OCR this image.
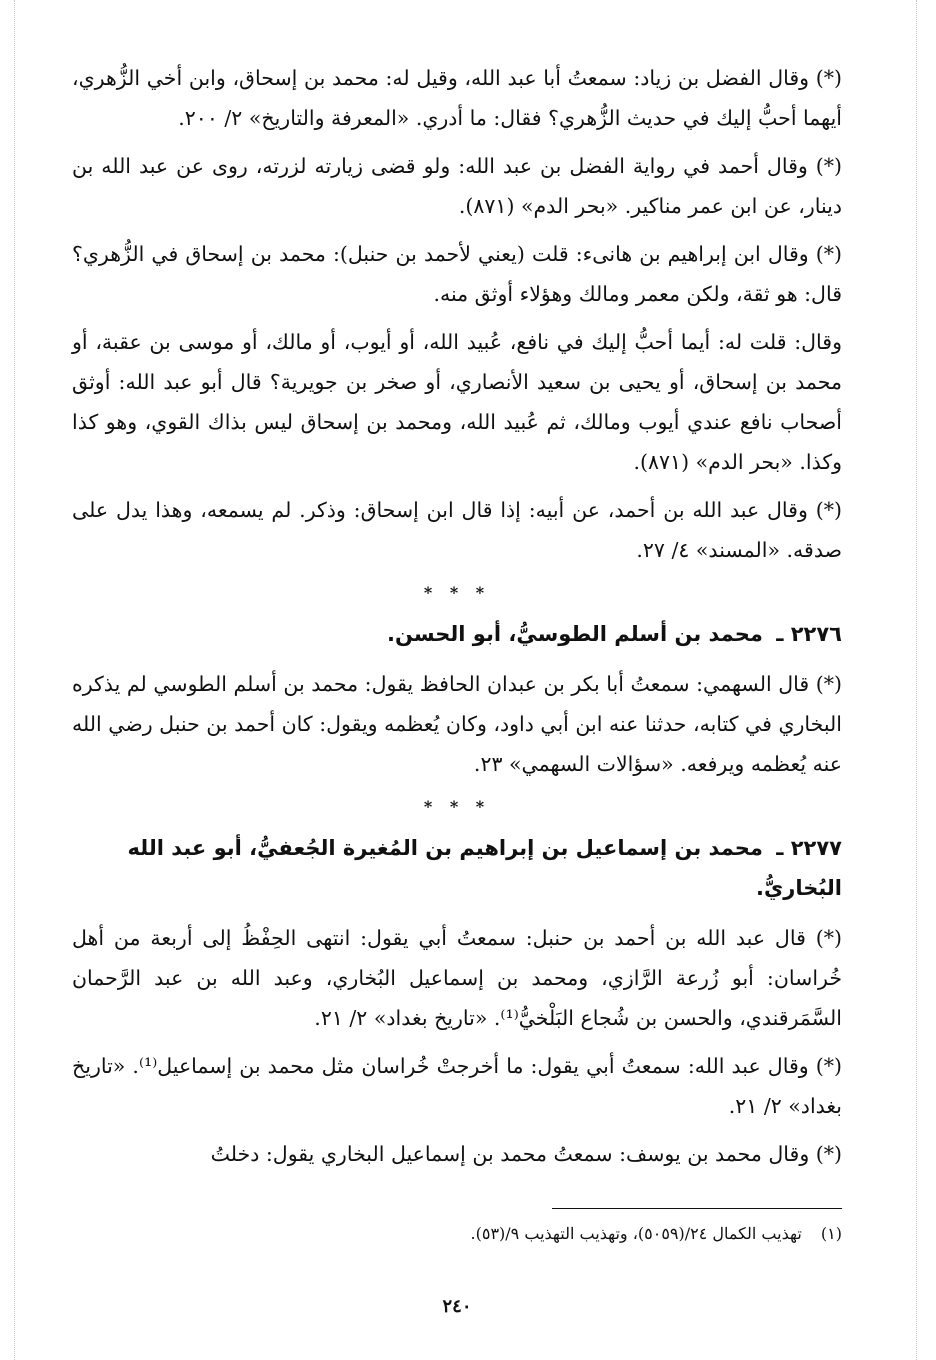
(*) وقال الفضل بن زياد: سمعتُ أبا عبد الله، وقيل له: محمد بن إسحاق، وابن أخي الزُّهري، أيهما أحبُّ إليك في حديث الزُّهري؟ فقال: ما أدري. «المعرفة والتاريخ» ٢/ ٢٠٠.

(*) وقال أحمد في رواية الفضل بن عبد الله: ولو قضى زيارته لزرته، روى عن عبد الله بن دينار، عن ابن عمر مناكير. «بحر الدم» (٨٧١).

(*) وقال ابن إبراهيم بن هانىء: قلت (يعني لأحمد بن حنبل): محمد بن إسحاق في الزُّهري؟ قال: هو ثقة، ولكن معمر ومالك وهؤلاء أوثق منه.

وقال: قلت له: أيما أحبُّ إليك في نافع، عُبيد الله، أو أيوب، أو مالك، أو موسى بن عقبة، أو محمد بن إسحاق، أو يحيى بن سعيد الأنصاري، أو صخر بن جويرية؟ قال أبو عبد الله: أوثق أصحاب نافع عندي أيوب ومالك، ثم عُبيد الله، ومحمد بن إسحاق ليس بذاك القوي، وهو كذا وكذا. «بحر الدم» (٨٧١).

(*) وقال عبد الله بن أحمد، عن أبيه: إذا قال ابن إسحاق: وذكر. لم يسمعه، وهذا يدل على صدقه. «المسند» ٤/ ٢٧.

* * *
٢٢٧٦ ـ محمد بن أسلم الطوسيُّ، أبو الحسن.

(*) قال السهمي: سمعتُ أبا بكر بن عبدان الحافظ يقول: محمد بن أسلم الطوسي لم يذكره البخاري في كتابه، حدثنا عنه ابن أبي داود، وكان يُعظمه ويقول: كان أحمد بن حنبل رضي الله عنه يُعظمه ويرفعه. «سؤالات السهمي» ٢٣.

* * *
٢٢٧٧ ـ محمد بن إسماعيل بن إبراهيم بن المُغيرة الجُعفيُّ، أبو عبد الله البُخاريُّ.

(*) قال عبد الله بن أحمد بن حنبل: سمعتُ أبي يقول: انتهى الحِفْظُ إلى أربعة من أهل خُراسان: أبو زُرعة الرَّازي، ومحمد بن إسماعيل البُخاري، وعبد الله بن عبد الرَّحمان السَّمَرقندي، والحسن بن شُجاع البَلْخيُّ⁽¹⁾. «تاريخ بغداد» ٢/ ٢١.

(*) وقال عبد الله: سمعتُ أبي يقول: ما أخرجتْ خُراسان مثل محمد بن إسماعيل⁽¹⁾. «تاريخ بغداد» ٢/ ٢١.

(*) وقال محمد بن يوسف: سمعتُ محمد بن إسماعيل البخاري يقول: دخلتُ

(١) تهذيب الكمال ٢٤/(٥٠٥٩)، وتهذيب التهذيب ٩/(٥٣).
٢٤٠
